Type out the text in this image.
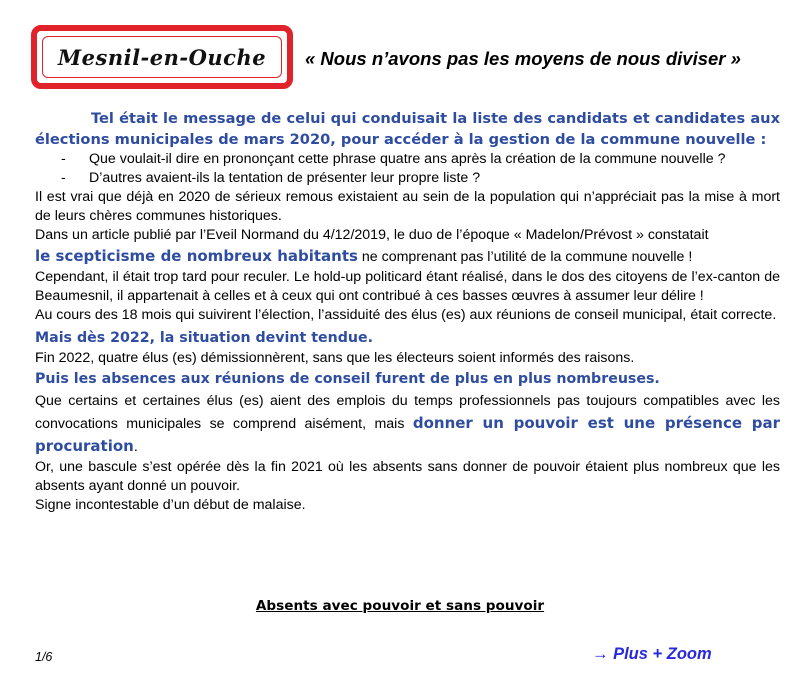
Mesnil-en-Ouche	« Nous n’avons pas les moyens de nous diviser »

Tel était le message de celui qui conduisait la liste des candidats et candidates aux élections municipales de mars 2020, pour accéder à la gestion de la commune nouvelle :

- Que voulait-il dire en prononçant cette phrase quatre ans après la création de la commune nouvelle ?
- D’autres avaient-ils la tentation de présenter leur propre liste ?

Il est vrai que déjà en 2020 de sérieux remous existaient au sein de la population qui n’appréciait pas la mise à mort de leurs chères communes historiques.

Dans un article publié par l’Eveil Normand du 4/12/2019, le duo de l’époque « Madelon/Prévost » constatait

le scepticisme de nombreux habitants ne comprenant pas l’utilité de la commune nouvelle !

Cependant, il était trop tard pour reculer. Le hold-up politicard étant réalisé, dans le dos des citoyens de l’ex-canton de Beaumesnil, il appartenait à celles et à ceux qui ont contribué à ces basses œuvres à assumer leur délire !

Au cours des 18 mois qui suivirent l’élection, l’assiduité des élus (es) aux réunions de conseil municipal, était correcte.

Mais dès 2022, la situation devint tendue.

Fin 2022, quatre élus (es) démissionnèrent, sans que les électeurs soient informés des raisons.

Puis les absences aux réunions de conseil furent de plus en plus nombreuses.

Que certains et certaines élus (es) aient des emplois du temps professionnels pas toujours compatibles avec les convocations municipales se comprend aisément, mais donner un pouvoir est une présence par procuration.

Or, une bascule s’est opérée dès la fin 2021 où les absents sans donner de pouvoir étaient plus nombreux que les absents ayant donné un pouvoir.

Signe incontestable d’un début de malaise.

Absents avec pouvoir et sans pouvoir
1/6	→ Plus + Zoom
